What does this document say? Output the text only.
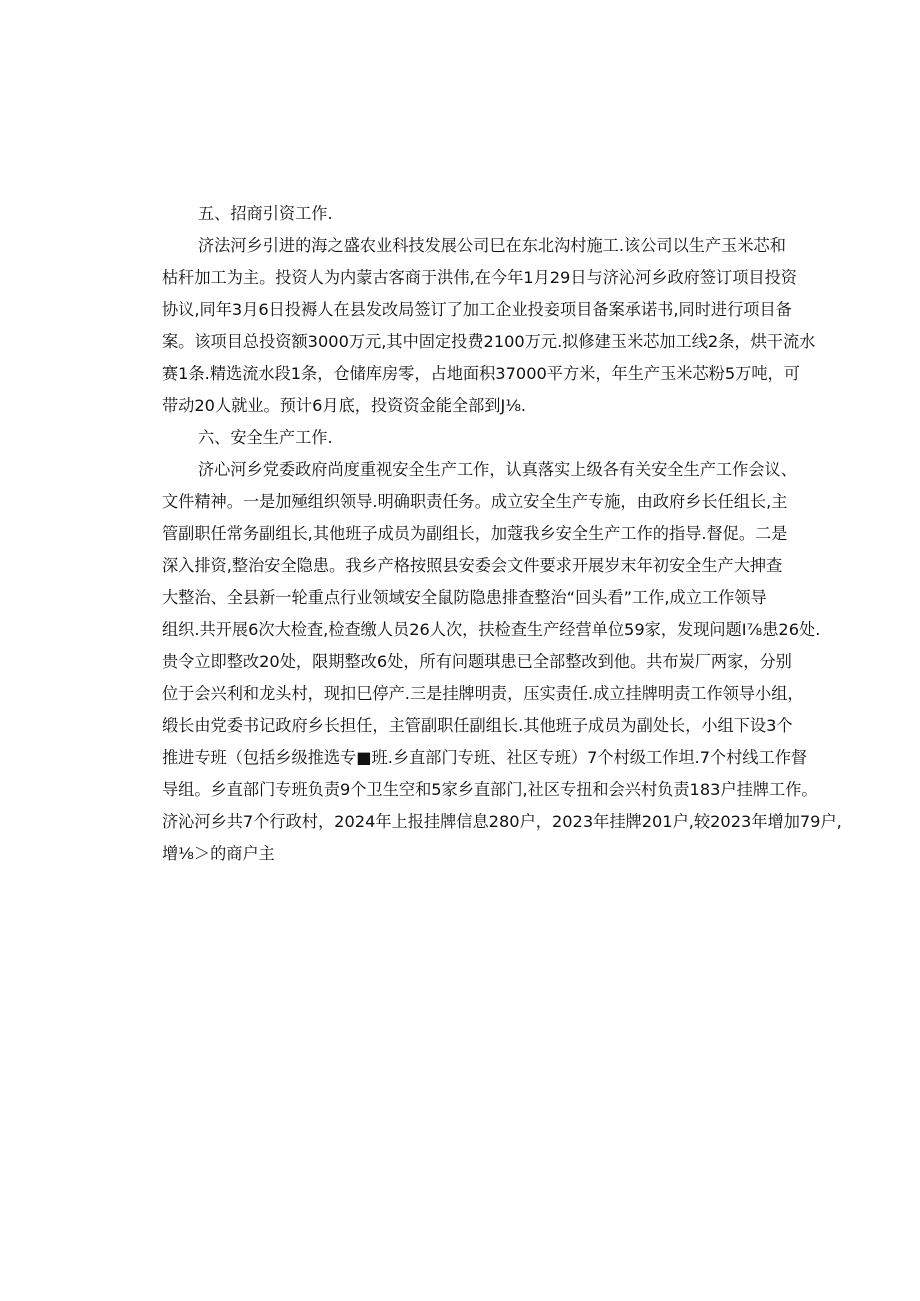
五、招商引资工作.
济法河乡引进的海之盛农业科技发展公司巳在东北沟村施工.该公司以生产玉米芯和
枯秆加工为主。投资人为内蒙古客商于洪伟,在今年1月29日与济沁河乡政府签订项目投资
协议,同年3月6日投褥人在县发改局签订了加工企业投妾项目备案承诺书,同时进行项目备
案。该项目总投资额3000万元,其中固定投费2100万元.拟修建玉米芯加工线2条，烘干流水
赛1条.精选流水段1条，仓储库房零，占地面积37000平方米，年生产玉米芯粉5万吨，可
带动20人就业。预计6月底，投资资金能全部到J⅛.
六、安全生产工作.
济心河乡党委政府尚度重视安全生产工作，认真落实上级各有关安全生产工作会议、
文件精神。一是加殛组织领导.明确职责任务。成立安全生产专施，由政府乡长任组长,主
管副职任常务副组长,其他班子成员为副组长，加蔻我乡安全生产工作的指导.督促。二是
深入排资,整治安全隐患。我乡产格按照县安委会文件要求开展岁末年初安全生产大抻查
大整治、全县新一轮重点行业领域安全鼠防隐患排查整治“回头看”工作,成立工作领导
组织.共开展6次大检査,检查缴人员26人次，扶检查生产经营单位59家，发现问题I⅞患26处.
贵令立即整改20处，限期整改6处，所有问题琪患已全部整改到他。共布炭厂两家，分别
位于会兴利和龙头村，现扣巳停产.三是挂牌明责，压实责任.成立挂牌明责工作领导小组，
缎长由党委书记政府乡长担任，主管副职任副组长.其他班子成员为副处长，小组下设3个
推进专班（包括乡级推选专■班.乡直部门专班、社区专班）7个村级工作坦.7个村线工作督
导组。乡直部门专班负责9个卫生空和5家乡直部门,社区专扭和会兴村负责183户挂牌工作。
济沁河乡共7个行政村，2024年上报挂牌信息280户，2023年挂牌201户,较2023年增加79户,
增⅛＞的商户主
